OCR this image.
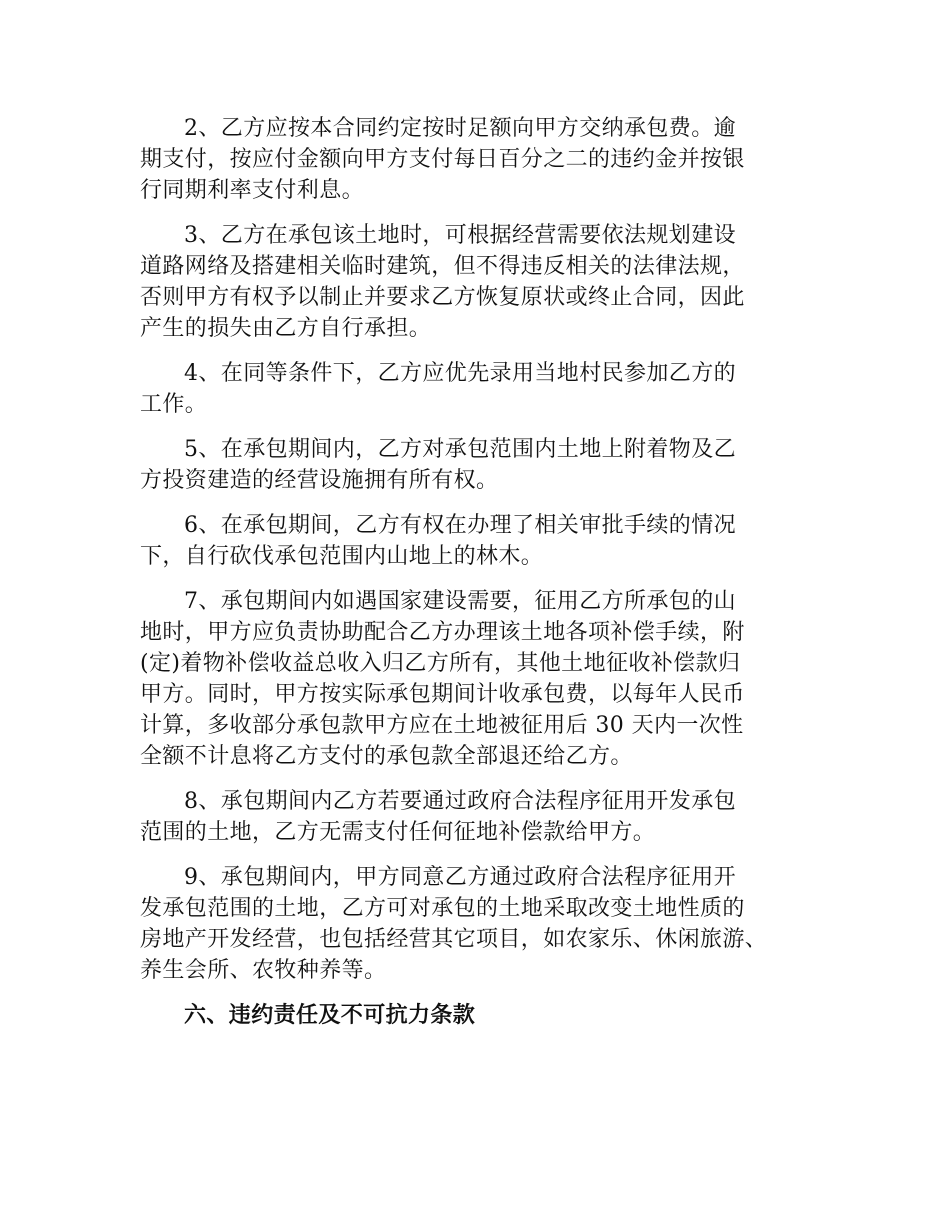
2、乙方应按本合同约定按时足额向甲方交纳承包费。逾
期支付，按应付金额向甲方支付每日百分之二的违约金并按银
行同期利率支付利息。

3、乙方在承包该土地时，可根据经营需要依法规划建设
道路网络及搭建相关临时建筑，但不得违反相关的法律法规，
否则甲方有权予以制止并要求乙方恢复原状或终止合同，因此
产生的损失由乙方自行承担。

4、在同等条件下，乙方应优先录用当地村民参加乙方的
工作。

5、在承包期间内，乙方对承包范围内土地上附着物及乙
方投资建造的经营设施拥有所有权。

6、在承包期间，乙方有权在办理了相关审批手续的情况
下，自行砍伐承包范围内山地上的林木。

7、承包期间内如遇国家建设需要，征用乙方所承包的山
地时，甲方应负责协助配合乙方办理该土地各项补偿手续，附
(定)着物补偿收益总收入归乙方所有，其他土地征收补偿款归
甲方。同时，甲方按实际承包期间计收承包费，以每年人民币
计算，多收部分承包款甲方应在土地被征用后 30 天内一次性
全额不计息将乙方支付的承包款全部退还给乙方。

8、承包期间内乙方若要通过政府合法程序征用开发承包
范围的土地，乙方无需支付任何征地补偿款给甲方。

9、承包期间内，甲方同意乙方通过政府合法程序征用开
发承包范围的土地，乙方可对承包的土地采取改变土地性质的
房地产开发经营，也包括经营其它项目，如农家乐、休闲旅游、
养生会所、农牧种养等。

六、违约责任及不可抗力条款
